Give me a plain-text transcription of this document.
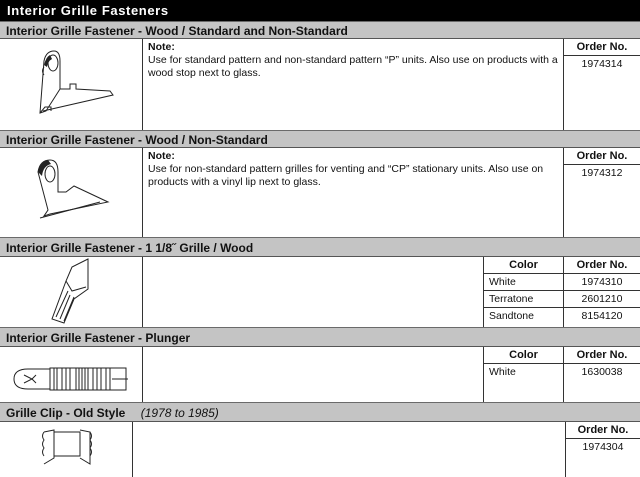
Interior Grille Fasteners
Interior Grille Fastener - Wood / Standard and Non-Standard
Note:
Use for standard pattern and non-standard pattern “P” units. Also use on products with a wood stop next to glass.
Order No.
1974314
Interior Grille Fastener - Wood / Non-Standard
Note:
Use for non-standard pattern grilles for venting and “CP” stationary units. Also use on products with a vinyl lip next to glass.
Order No.
1974312
Interior Grille Fastener - 1 1/8˝ Grille / Wood
Color
White
Terratone
Sandtone
Order No.
1974310
2601210
8154120
Interior Grille Fastener - Plunger
Color
White
Order No.
1630038
Grille Clip - Old Style (1978 to 1985)
Order No.
1974304
